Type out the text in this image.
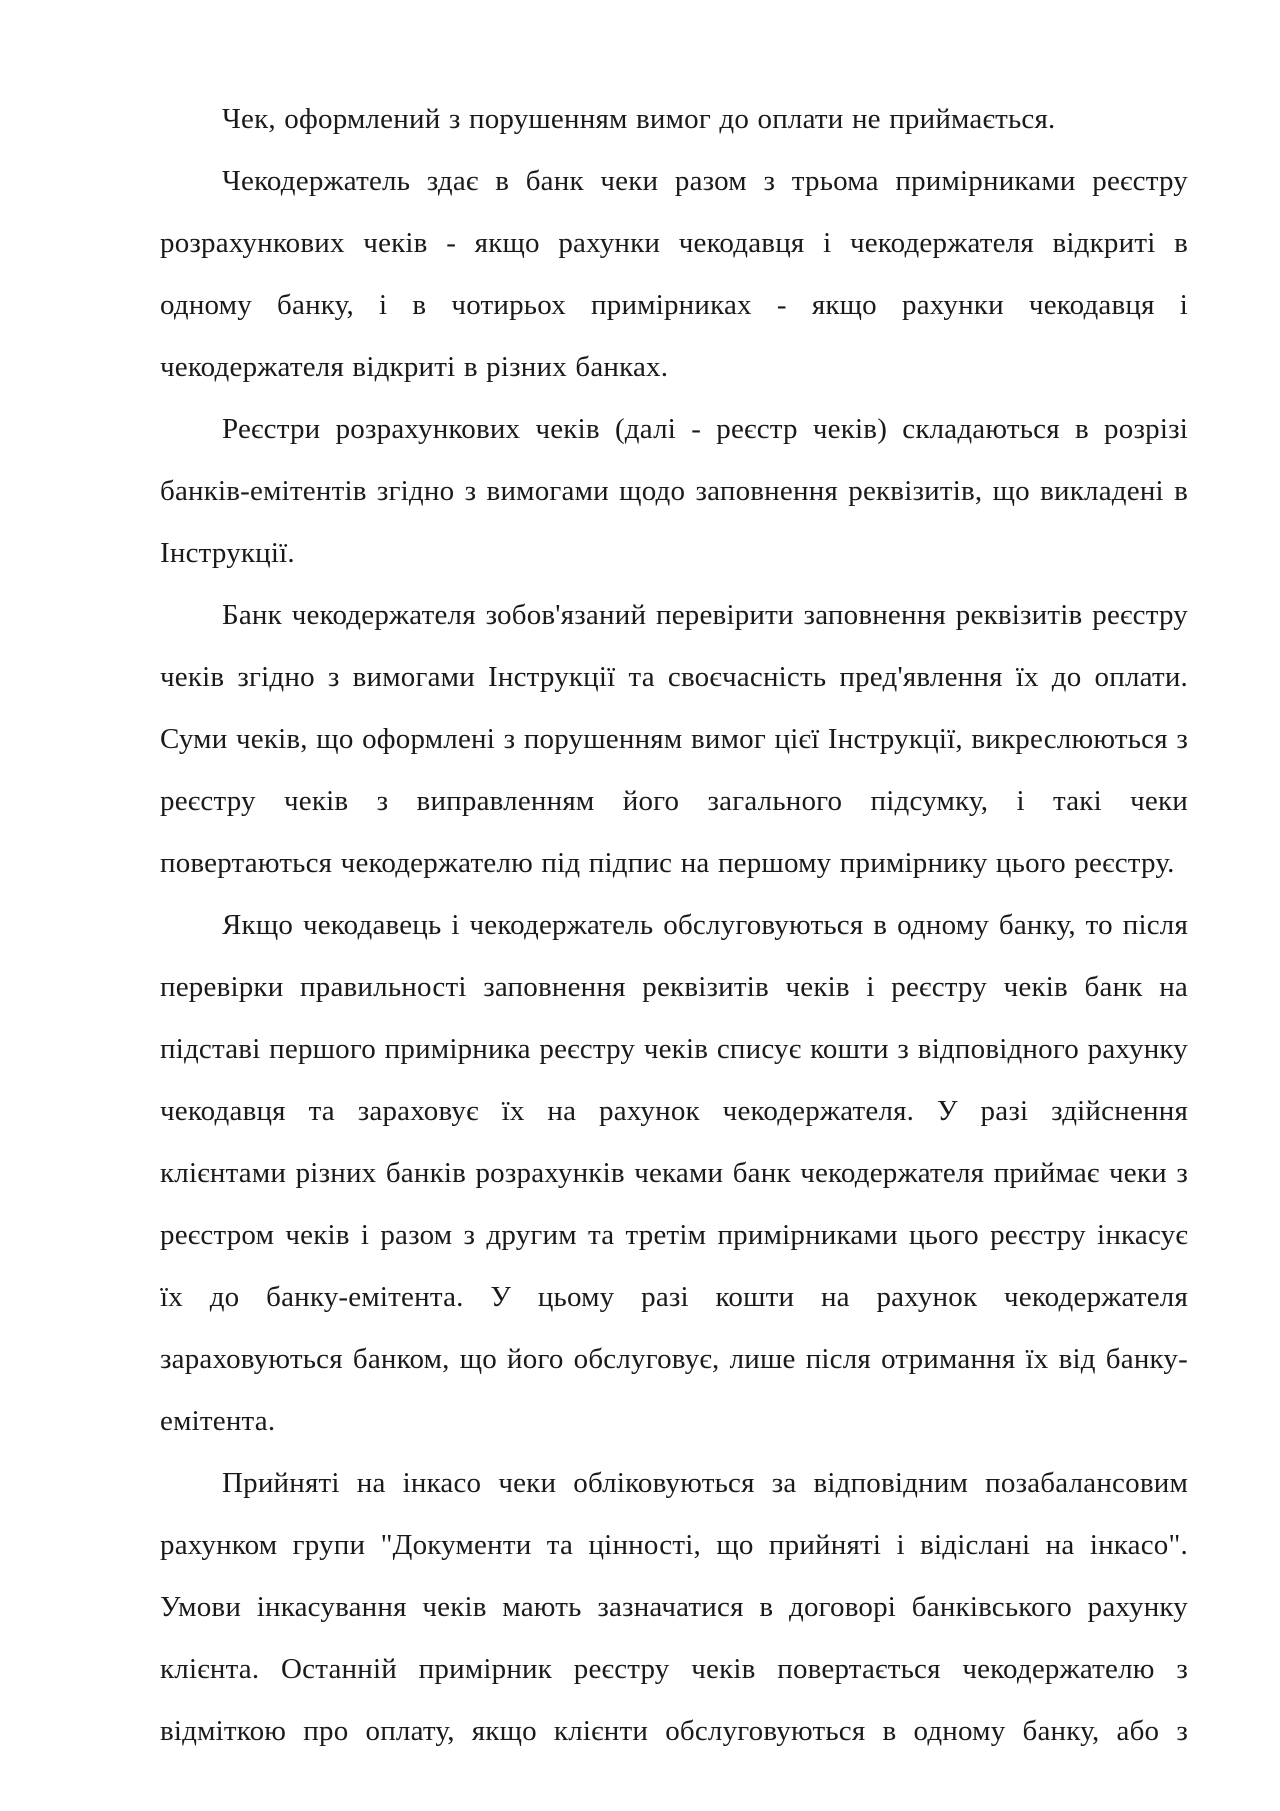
Чек, оформлений з порушенням вимог до оплати не приймається.

Чекодержатель здає в банк чеки разом з трьома примірниками реєстру розрахункових чеків - якщо рахунки чекодавця і чекодержателя відкриті в одному банку, і в чотирьох примірниках - якщо рахунки чекодавця і чекодержателя відкриті в різних банках.

Реєстри розрахункових чеків (далі - реєстр чеків) складаються в розрізі банків-емітентів згідно з вимогами щодо заповнення реквізитів, що викладені в Інструкції.

Банк чекодержателя зобов'язаний перевірити заповнення реквізитів реєстру чеків згідно з вимогами Інструкції та своєчасність пред'явлення їх до оплати. Суми чеків, що оформлені з порушенням вимог цієї Інструкції, викреслюються з реєстру чеків з виправленням його загального підсумку, і такі чеки повертаються чекодержателю під підпис на першому примірнику цього реєстру.

Якщо чекодавець і чекодержатель обслуговуються в одному банку, то після перевірки правильності заповнення реквізитів чеків і реєстру чеків банк на підставі першого примірника реєстру чеків списує кошти з відповідного рахунку чекодавця та зараховує їх на рахунок чекодержателя. У разі здійснення клієнтами різних банків розрахунків чеками банк чекодержателя приймає чеки з реєстром чеків і разом з другим та третім примірниками цього реєстру інкасує їх до банку-емітента. У цьому разі кошти на рахунок чекодержателя зараховуються банком, що його обслуговує, лише після отримання їх від банку-емітента.

Прийняті на інкасо чеки обліковуються за відповідним позабалансовим рахунком групи "Документи та цінності, що прийняті і відіслані на інкасо". Умови інкасування чеків мають зазначатися в договорі банківського рахунку клієнта. Останній примірник реєстру чеків повертається чекодержателю з відміткою про оплату, якщо клієнти обслуговуються в одному банку, або з
